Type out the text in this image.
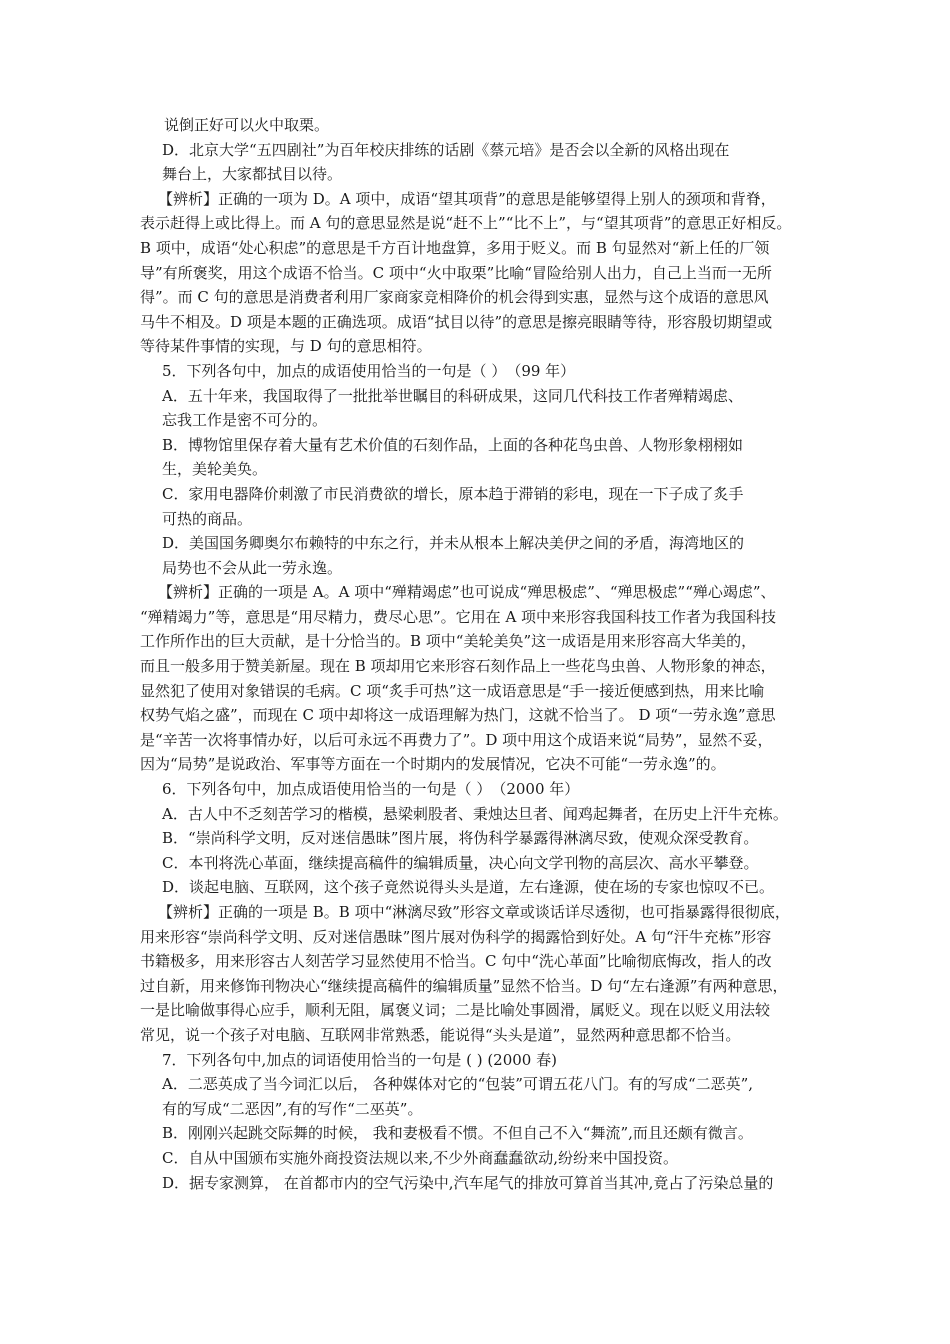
说倒正好可以火中取栗。
D．北京大学“五四剧社”为百年校庆排练的话剧《蔡元培》是否会以全新的风格出现在
舞台上，大家都拭目以待。
【辨析】正确的一项为 D。A 项中，成语“望其项背”的意思是能够望得上别人的颈项和背脊，
表示赶得上或比得上。而 A 句的意思显然是说“赶不上”“比不上”，与“望其项背”的意思正好相反。
B 项中，成语“处心积虑”的意思是千方百计地盘算，多用于贬义。而 B 句显然对“新上任的厂领
导”有所褒奖，用这个成语不恰当。C 项中“火中取栗”比喻“冒险给别人出力，自己上当而一无所
得”。而 C 句的意思是消费者利用厂家商家竞相降价的机会得到实惠，显然与这个成语的意思风
马牛不相及。D 项是本题的正确选项。成语“拭目以待”的意思是擦亮眼睛等待，形容殷切期望或
等待某件事情的实现，与 D 句的意思相符。
5．下列各句中，加点的成语使用恰当的一句是（ ）　（99 年）
A．五十年来，我国取得了一批批举世瞩目的科研成果，这同几代科技工作者殚精竭虑、
忘我工作是密不可分的。
B．博物馆里保存着大量有艺术价值的石刻作品，上面的各种花鸟虫兽、人物形象栩栩如
生，美轮美奂。
C．家用电器降价刺激了市民消费欲的增长，原本趋于滞销的彩电，现在一下子成了炙手
可热的商品。
D．美国国务卿奥尔布赖特的中东之行，并未从根本上解决美伊之间的矛盾，海湾地区的
局势也不会从此一劳永逸。
【辨析】正确的一项是 A。A 项中“殚精竭虑”也可说成“殚思极虑”、“殚思极虑”“殚心竭虑”、
“殚精竭力”等，意思是“用尽精力，费尽心思”。它用在 A 项中来形容我国科技工作者为我国科技
工作所作出的巨大贡献，是十分恰当的。B 项中“美轮美奂”这一成语是用来形容高大华美的，
而且一般多用于赞美新屋。现在 B 项却用它来形容石刻作品上一些花鸟虫兽、人物形象的神态，
显然犯了使用对象错误的毛病。C 项“炙手可热”这一成语意思是“手一接近便感到热，用来比喻
权势气焰之盛”，而现在 C 项中却将这一成语理解为热门，这就不恰当了。 D 项“一劳永逸”意思
是“辛苦一次将事情办好，以后可永远不再费力了”。D 项中用这个成语来说“局势”，显然不妥，
因为“局势”是说政治、军事等方面在一个时期内的发展情况，它决不可能“一劳永逸”的。
6．下列各句中，加点成语使用恰当的一句是（ ）　（2000 年）
A．古人中不乏刻苦学习的楷模，悬梁刺股者、秉烛达旦者、闻鸡起舞者，在历史上汗牛充栋。
B．“崇尚科学文明，反对迷信愚昧”图片展，将伪科学暴露得淋漓尽致，使观众深受教育。
C．本刊将洗心革面，继续提高稿件的编辑质量，决心向文学刊物的高层次、高水平攀登。
D．谈起电脑、互联网，这个孩子竟然说得头头是道，左右逢源，使在场的专家也惊叹不已。
【辨析】正确的一项是 B。B 项中“淋漓尽致”形容文章或谈话详尽透彻，也可指暴露得很彻底，
用来形容“崇尚科学文明、反对迷信愚昧”图片展对伪科学的揭露恰到好处。A 句“汗牛充栋”形容
书籍极多，用来形容古人刻苦学习显然使用不恰当。C 句中“洗心革面”比喻彻底悔改，指人的改
过自新，用来修饰刊物决心“继续提高稿件的编辑质量”显然不恰当。D 句“左右逢源”有两种意思，
一是比喻做事得心应手，顺利无阻，属褒义词；二是比喻处事圆滑，属贬义。现在以贬义用法较
常见，说一个孩子对电脑、互联网非常熟悉，能说得“头头是道”，显然两种意思都不恰当。
7．下列各句中,加点的词语使用恰当的一句是 ( ) (2000 春)
A．二恶英成了当今词汇以后， 各种媒体对它的“包装”可谓五花八门。有的写成“二恶英”,
有的写成“二恶因”,有的写作“二巫英”。
B．刚刚兴起跳交际舞的时候， 我和妻极看不惯。不但自己不入“舞流”,而且还颇有微言。
C．自从中国颁布实施外商投资法规以来,不少外商蠢蠢欲动,纷纷来中国投资。
D．据专家测算， 在首都市内的空气污染中,汽车尾气的排放可算首当其冲,竟占了污染总量的
